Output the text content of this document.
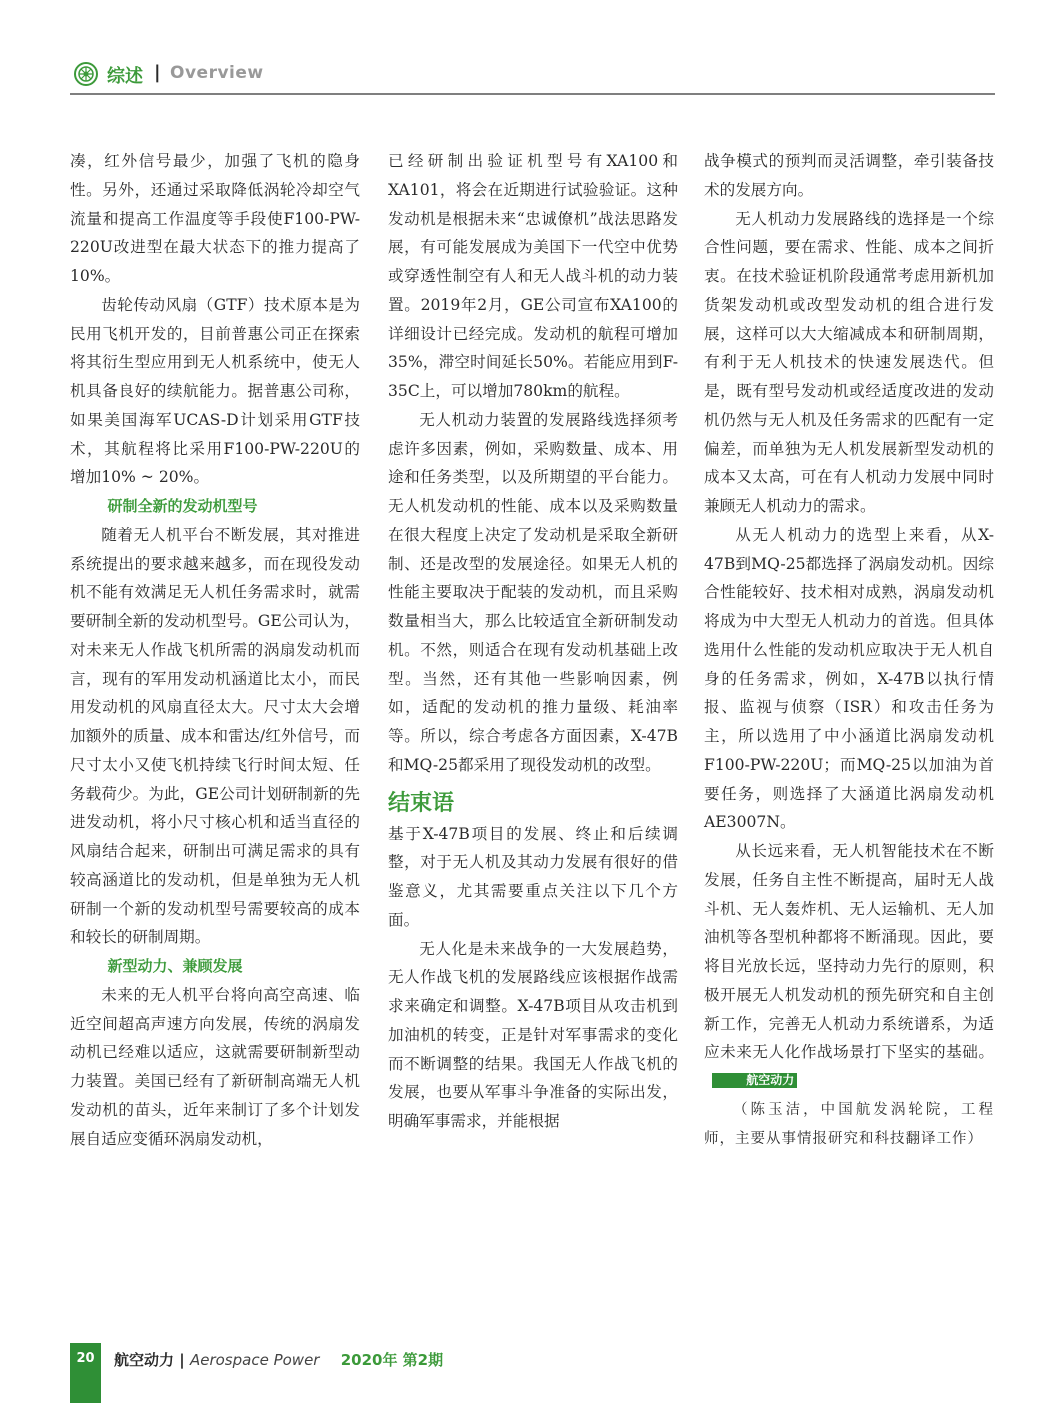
综述 | Overview

凑，红外信号最少，加强了飞机的隐身性。另外，还通过采取降低涡轮冷却空气流量和提高工作温度等手段使F100-PW-220U改进型在最大状态下的推力提高了10%。

齿轮传动风扇（GTF）技术原本是为民用飞机开发的，目前普惠公司正在探索将其衍生型应用到无人机系统中，使无人机具备良好的续航能力。据普惠公司称，如果美国海军UCAS-D计划采用GTF技术，其航程将比采用F100-PW-220U的增加10% ~ 20%。

研制全新的发动机型号

随着无人机平台不断发展，其对推进系统提出的要求越来越多，而在现役发动机不能有效满足无人机任务需求时，就需要研制全新的发动机型号。GE公司认为，对未来无人作战飞机所需的涡扇发动机而言，现有的军用发动机涵道比太小，而民用发动机的风扇直径太大。尺寸太大会增加额外的质量、成本和雷达/红外信号，而尺寸太小又使飞机持续飞行时间太短、任务载荷少。为此，GE公司计划研制新的先进发动机，将小尺寸核心机和适当直径的风扇结合起来，研制出可满足需求的具有较高涵道比的发动机，但是单独为无人机研制一个新的发动机型号需要较高的成本和较长的研制周期。

新型动力、兼顾发展

未来的无人机平台将向高空高速、临近空间超高声速方向发展，传统的涡扇发动机已经难以适应，这就需要研制新型动力装置。美国已经有了新研制高端无人机发动机的苗头，近年来制订了多个计划发展自适应变循环涡扇发动机，

已经研制出验证机型号有XA100和XA101，将会在近期进行试验验证。这种发动机是根据未来“忠诚僚机”战法思路发展，有可能发展成为美国下一代空中优势或穿透性制空有人和无人战斗机的动力装置。2019年2月，GE公司宣布XA100的详细设计已经完成。发动机的航程可增加35%，滞空时间延长50%。若能应用到F-35C上，可以增加780km的航程。

无人机动力装置的发展路线选择须考虑许多因素，例如，采购数量、成本、用途和任务类型，以及所期望的平台能力。无人机发动机的性能、成本以及采购数量在很大程度上决定了发动机是采取全新研制、还是改型的发展途径。如果无人机的性能主要取决于配装的发动机，而且采购数量相当大，那么比较适宜全新研制发动机。不然，则适合在现有发动机基础上改型。当然，还有其他一些影响因素，例如，适配的发动机的推力量级、耗油率等。所以，综合考虑各方面因素，X-47B和MQ-25都采用了现役发动机的改型。

结束语

基于X-47B项目的发展、终止和后续调整，对于无人机及其动力发展有很好的借鉴意义，尤其需要重点关注以下几个方面。

无人化是未来战争的一大发展趋势，无人作战飞机的发展路线应该根据作战需求来确定和调整。X-47B项目从攻击机到加油机的转变，正是针对军事需求的变化而不断调整的结果。我国无人作战飞机的发展，也要从军事斗争准备的实际出发，明确军事需求，并能根据

战争模式的预判而灵活调整，牵引装备技术的发展方向。

无人机动力发展路线的选择是一个综合性问题，要在需求、性能、成本之间折衷。在技术验证机阶段通常考虑用新机加货架发动机或改型发动机的组合进行发展，这样可以大大缩减成本和研制周期，有利于无人机技术的快速发展迭代。但是，既有型号发动机或经适度改进的发动机仍然与无人机及任务需求的匹配有一定偏差，而单独为无人机发展新型发动机的成本又太高，可在有人机动力发展中同时兼顾无人机动力的需求。

从无人机动力的选型上来看，从X-47B到MQ-25都选择了涡扇发动机。因综合性能较好、技术相对成熟，涡扇发动机将成为中大型无人机动力的首选。但具体选用什么性能的发动机应取决于无人机自身的任务需求，例如，X-47B以执行情报、监视与侦察（ISR）和攻击任务为主，所以选用了中小涵道比涡扇发动机F100-PW-220U；而MQ-25以加油为首要任务，则选择了大涵道比涡扇发动机AE3007N。

从长远来看，无人机智能技术在不断发展，任务自主性不断提高，届时无人战斗机、无人轰炸机、无人运输机、无人加油机等各型机种都将不断涌现。因此，要将目光放长远，坚持动力先行的原则，积极开展无人机发动机的预先研究和自主创新工作，完善无人机动力系统谱系，为适应未来无人化作战场景打下坚实的基础。航空动力

（陈玉洁，中国航发涡轮院，工程师，主要从事情报研究和科技翻译工作）

20	航空动力 | Aerospace Power 2020年 第2期
